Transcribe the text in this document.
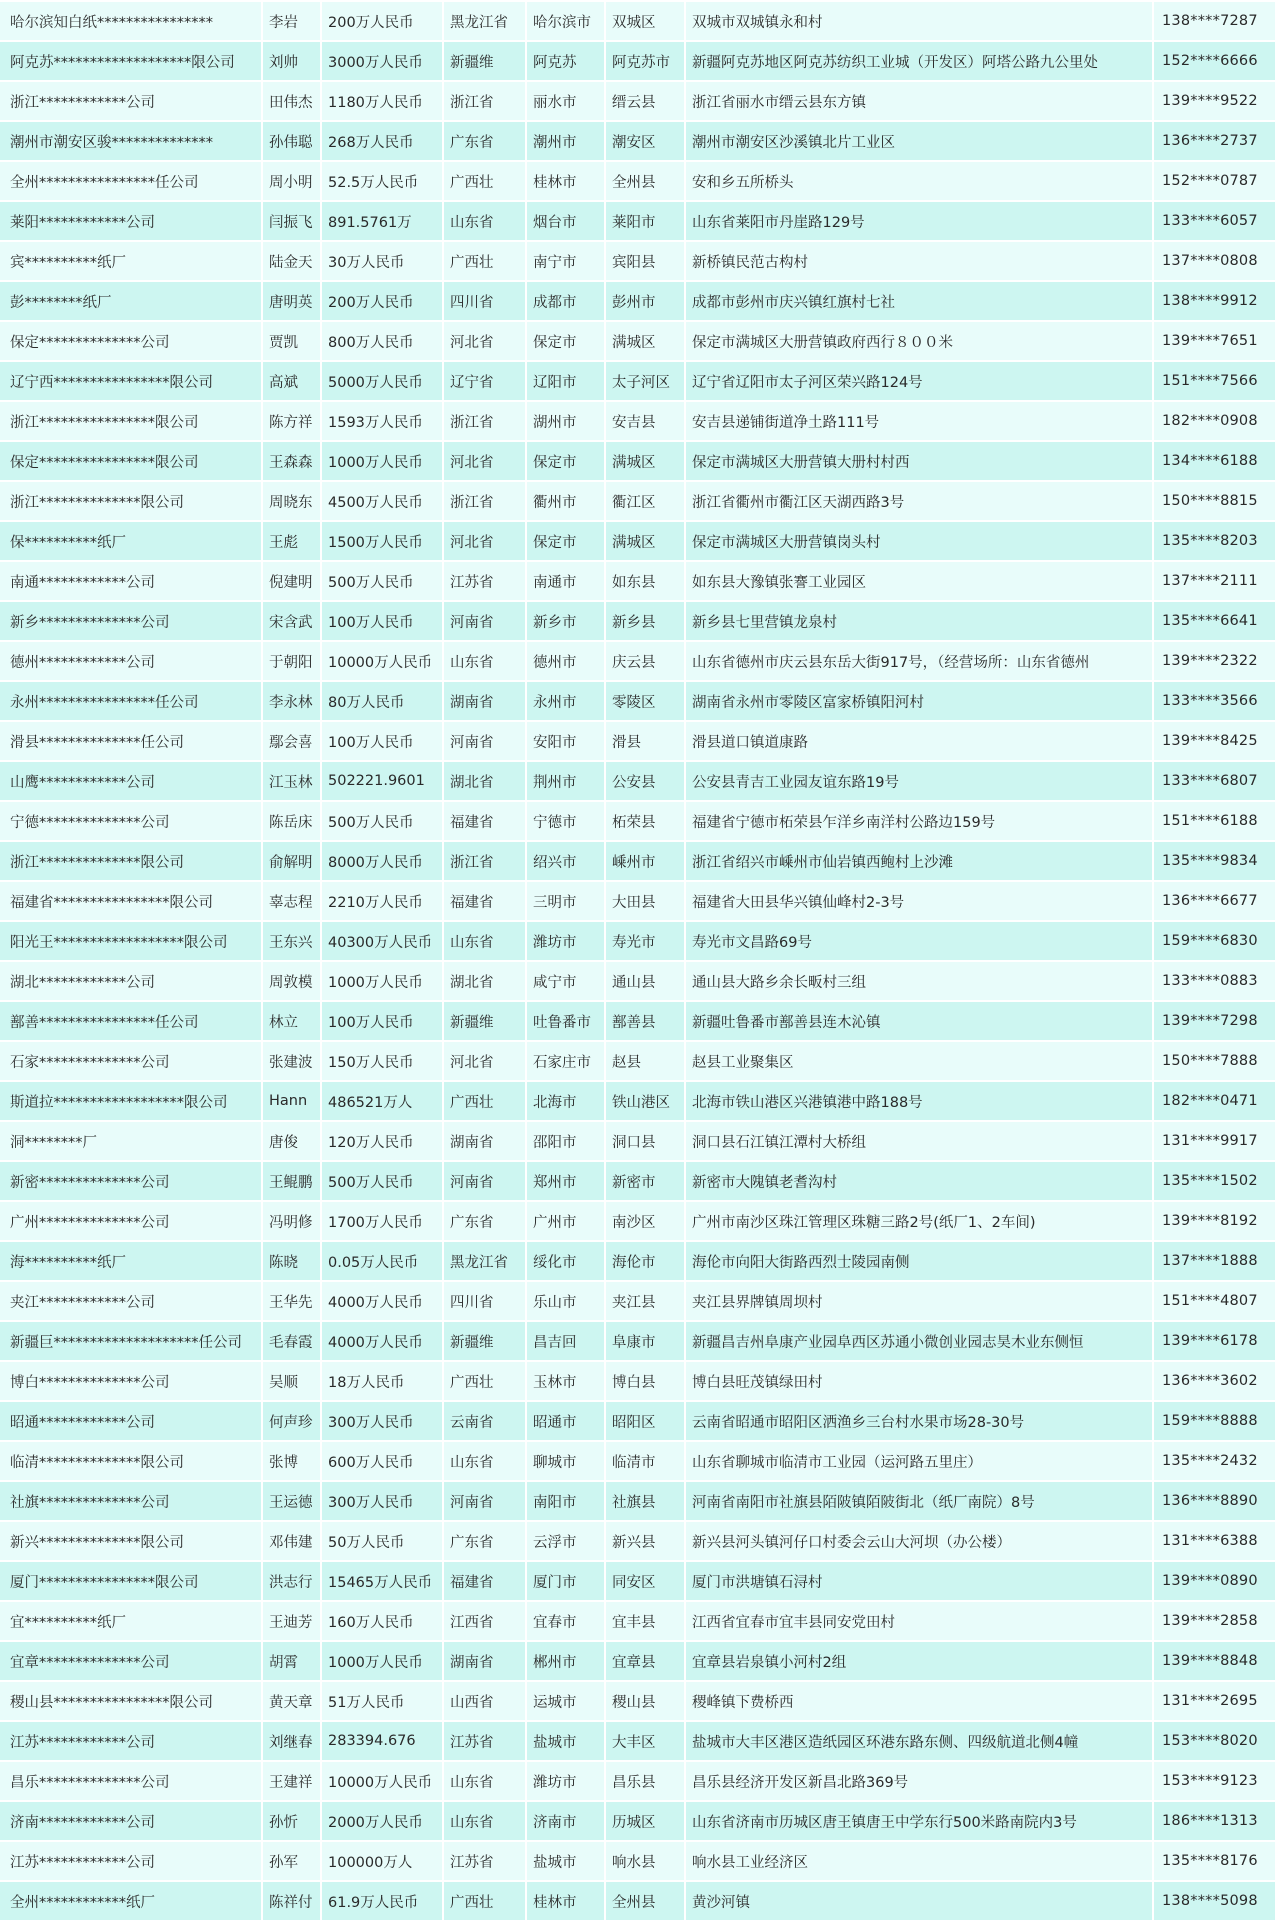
哈尔滨知白纸****************	李岩	200万人民币	黑龙江省	哈尔滨市	双城区	双城市双城镇永和村	138****7287	
阿克苏*******************限公司	刘帅	3000万人民币	新疆维	阿克苏	阿克苏市	新疆阿克苏地区阿克苏纺织工业城（开发区）阿塔公路九公里处	152****6666	
浙江************公司	田伟杰	1180万人民币	浙江省	丽水市	缙云县	浙江省丽水市缙云县东方镇	139****9522	
潮州市潮安区骏**************	孙伟聪	268万人民币	广东省	潮州市	潮安区	潮州市潮安区沙溪镇北片工业区	136****2737	
全州****************任公司	周小明	52.5万人民币	广西壮	桂林市	全州县	安和乡五所桥头	152****0787	
莱阳************公司	闫振飞	891.5761万	山东省	烟台市	莱阳市	山东省莱阳市丹崖路129号	133****6057	
宾**********纸厂	陆金天	30万人民币	广西壮	南宁市	宾阳县	新桥镇民范古构村	137****0808	
彭********纸厂	唐明英	200万人民币	四川省	成都市	彭州市	成都市彭州市庆兴镇红旗村七社	138****9912	
保定**************公司	贾凯	800万人民币	河北省	保定市	满城区	保定市满城区大册营镇政府西行８００米	139****7651	
辽宁西****************限公司	高斌	5000万人民币	辽宁省	辽阳市	太子河区	辽宁省辽阳市太子河区荣兴路124号	151****7566	
浙江****************限公司	陈方祥	1593万人民币	浙江省	湖州市	安吉县	安吉县递铺街道净土路111号	182****0908	
保定****************限公司	王森森	1000万人民币	河北省	保定市	满城区	保定市满城区大册营镇大册村村西	134****6188	
浙江**************限公司	周晓东	4500万人民币	浙江省	衢州市	衢江区	浙江省衢州市衢江区天湖西路3号	150****8815	
保**********纸厂	王彪	1500万人民币	河北省	保定市	满城区	保定市满城区大册营镇岗头村	135****8203	
南通************公司	倪建明	500万人民币	江苏省	南通市	如东县	如东县大豫镇张謇工业园区	137****2111	
新乡**************公司	宋含武	100万人民币	河南省	新乡市	新乡县	新乡县七里营镇龙泉村	135****6641	
德州************公司	于朝阳	10000万人民币	山东省	德州市	庆云县	山东省德州市庆云县东岳大街917号，（经营场所：山东省德州	139****2322	
永州****************任公司	李永林	80万人民币	湖南省	永州市	零陵区	湖南省永州市零陵区富家桥镇阳河村	133****3566	
滑县**************任公司	鄢会喜	100万人民币	河南省	安阳市	滑县	滑县道口镇道康路	139****8425	
山鹰************公司	江玉林	502221.9601	湖北省	荆州市	公安县	公安县青吉工业园友谊东路19号	133****6807	
宁德**************公司	陈岳床	500万人民币	福建省	宁德市	柘荣县	福建省宁德市柘荣县乍洋乡南洋村公路边159号	151****6188	
浙江**************限公司	俞解明	8000万人民币	浙江省	绍兴市	嵊州市	浙江省绍兴市嵊州市仙岩镇西鲍村上沙滩	135****9834	
福建省****************限公司	辜志程	2210万人民币	福建省	三明市	大田县	福建省大田县华兴镇仙峰村2-3号	136****6677	
阳光王******************限公司	王东兴	40300万人民币	山东省	潍坊市	寿光市	寿光市文昌路69号	159****6830	
湖北************公司	周敦模	1000万人民币	湖北省	咸宁市	通山县	通山县大路乡余长畈村三组	133****0883	
鄯善****************任公司	林立	100万人民币	新疆维	吐鲁番市	鄯善县	新疆吐鲁番市鄯善县连木沁镇	139****7298	
石家**************公司	张建波	150万人民币	河北省	石家庄市	赵县	赵县工业聚集区	150****7888	
斯道拉******************限公司	Hann	486521万人	广西壮	北海市	铁山港区	北海市铁山港区兴港镇港中路188号	182****0471	
洞********厂	唐俊	120万人民币	湖南省	邵阳市	洞口县	洞口县石江镇江潭村大桥组	131****9917	
新密**************公司	王鲲鹏	500万人民币	河南省	郑州市	新密市	新密市大隗镇老耆沟村	135****1502	
广州**************公司	冯明修	1700万人民币	广东省	广州市	南沙区	广州市南沙区珠江管理区珠糖三路2号(纸厂1、2车间)	139****8192	
海**********纸厂	陈晓	0.05万人民币	黑龙江省	绥化市	海伦市	海伦市向阳大街路西烈士陵园南侧	137****1888	
夹江************公司	王华先	4000万人民币	四川省	乐山市	夹江县	夹江县界牌镇周坝村	151****4807	
新疆巨********************任公司	毛春霞	4000万人民币	新疆维	昌吉回	阜康市	新疆昌吉州阜康产业园阜西区苏通小微创业园志昊木业东侧恒	139****6178	
博白**************公司	吴顺	18万人民币	广西壮	玉林市	博白县	博白县旺茂镇绿田村	136****3602	
昭通************公司	何声珍	300万人民币	云南省	昭通市	昭阳区	云南省昭通市昭阳区洒渔乡三台村水果市场28-30号	159****8888	
临清**************限公司	张博	600万人民币	山东省	聊城市	临清市	山东省聊城市临清市工业园（运河路五里庄）	135****2432	
社旗**************公司	王运德	300万人民币	河南省	南阳市	社旗县	河南省南阳市社旗县陌陂镇陌陂街北（纸厂南院）8号	136****8890	
新兴**************限公司	邓伟建	50万人民币	广东省	云浮市	新兴县	新兴县河头镇河仔口村委会云山大河坝（办公楼）	131****6388	
厦门****************限公司	洪志行	15465万人民币	福建省	厦门市	同安区	厦门市洪塘镇石浔村	139****0890	
宜**********纸厂	王迪芳	160万人民币	江西省	宜春市	宜丰县	江西省宜春市宜丰县同安党田村	139****2858	
宜章**************公司	胡霄	1000万人民币	湖南省	郴州市	宜章县	宜章县岩泉镇小河村2组	139****8848	
稷山县****************限公司	黄天章	51万人民币	山西省	运城市	稷山县	稷峰镇下费桥西	131****2695	
江苏************公司	刘继春	283394.676	江苏省	盐城市	大丰区	盐城市大丰区港区造纸园区环港东路东侧、四级航道北侧4幢	153****8020	
昌乐**************公司	王建祥	10000万人民币	山东省	潍坊市	昌乐县	昌乐县经济开发区新昌北路369号	153****9123	
济南************公司	孙忻	2000万人民币	山东省	济南市	历城区	山东省济南市历城区唐王镇唐王中学东行500米路南院内3号	186****1313	
江苏************公司	孙军	100000万人	江苏省	盐城市	响水县	响水县工业经济区	135****8176	
全州************纸厂	陈祥付	61.9万人民币	广西壮	桂林市	全州县	黄沙河镇	138****5098	
